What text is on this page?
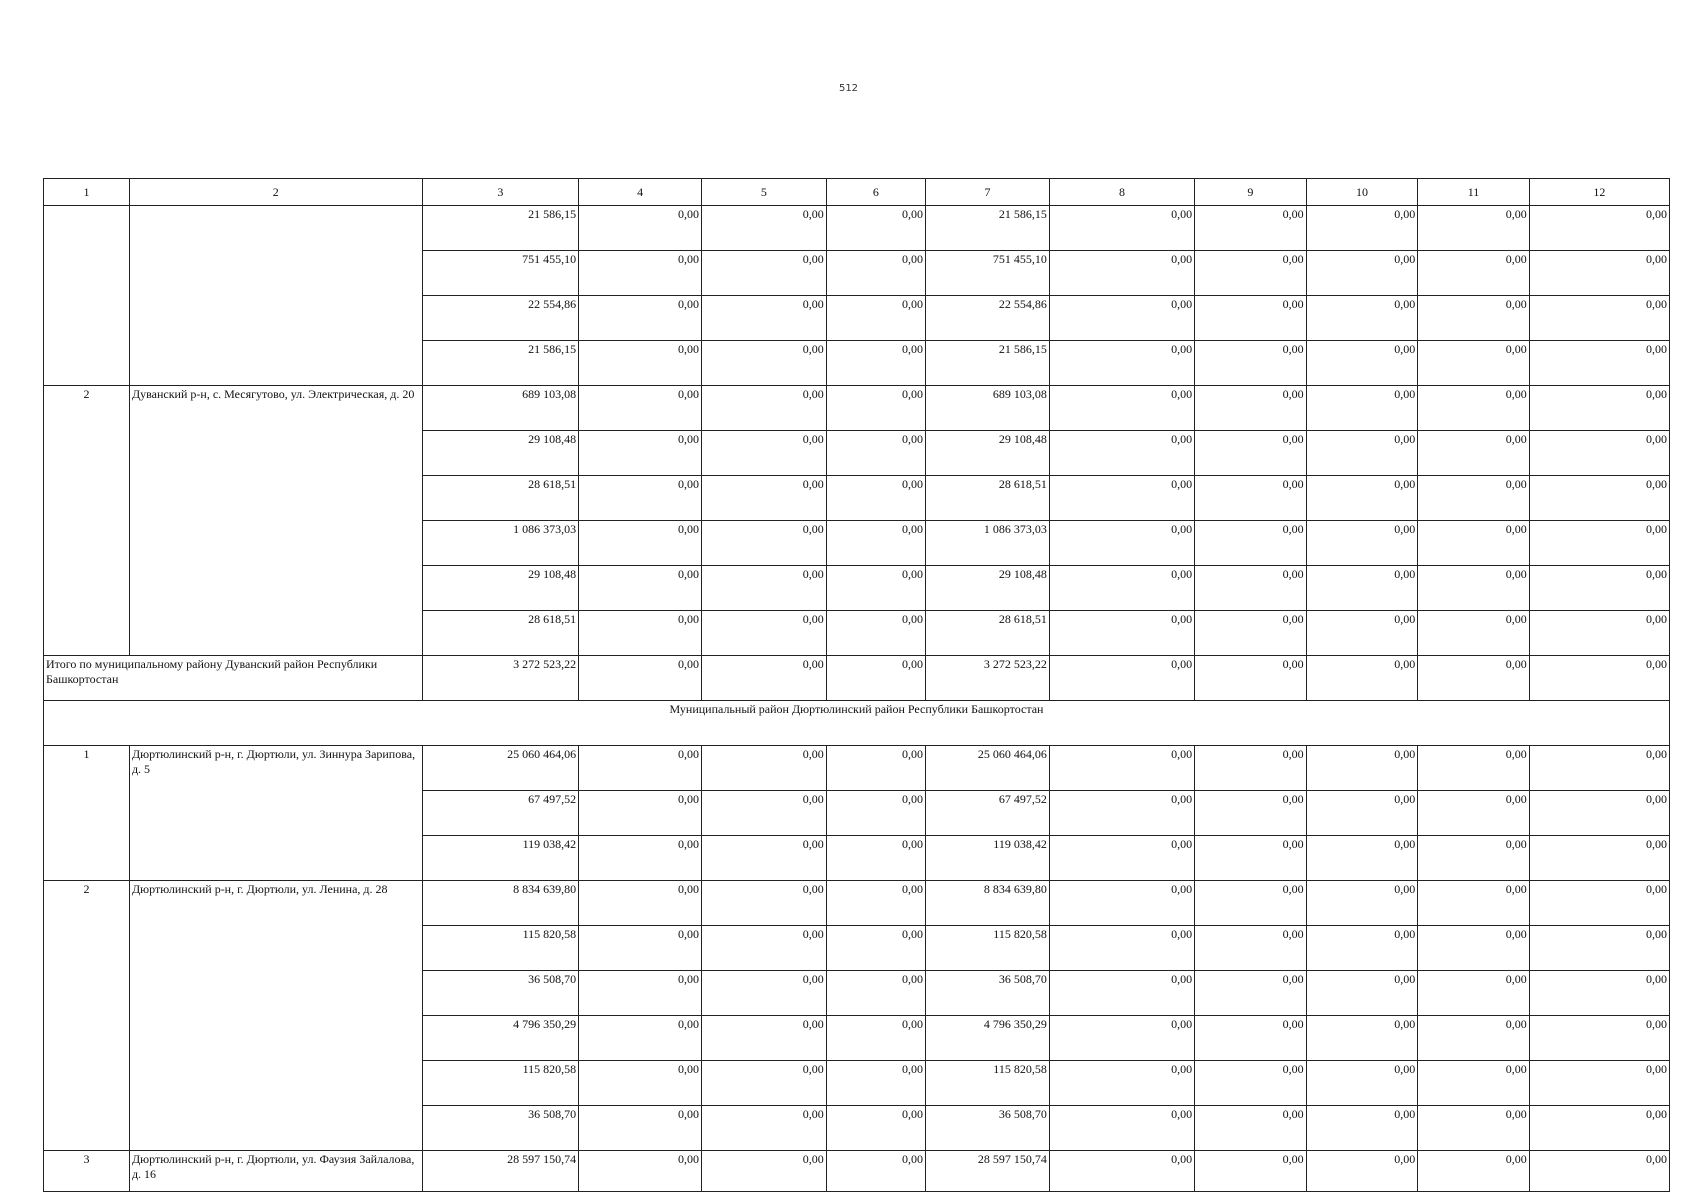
512
1	2	3	4	5	6	7	8	9	10	11	12
		21 586,15	0,00	0,00	0,00	21 586,15	0,00	0,00	0,00	0,00	0,00
		751 455,10	0,00	0,00	0,00	751 455,10	0,00	0,00	0,00	0,00	0,00
		22 554,86	0,00	0,00	0,00	22 554,86	0,00	0,00	0,00	0,00	0,00
		21 586,15	0,00	0,00	0,00	21 586,15	0,00	0,00	0,00	0,00	0,00
2	Дуванский р-н, с. Месягутово, ул. Электрическая, д. 20	689 103,08	0,00	0,00	0,00	689 103,08	0,00	0,00	0,00	0,00	0,00
		29 108,48	0,00	0,00	0,00	29 108,48	0,00	0,00	0,00	0,00	0,00
		28 618,51	0,00	0,00	0,00	28 618,51	0,00	0,00	0,00	0,00	0,00
		1 086 373,03	0,00	0,00	0,00	1 086 373,03	0,00	0,00	0,00	0,00	0,00
		29 108,48	0,00	0,00	0,00	29 108,48	0,00	0,00	0,00	0,00	0,00
		28 618,51	0,00	0,00	0,00	28 618,51	0,00	0,00	0,00	0,00	0,00
Итого по муниципальному району Дуванский район Республики Башкортостан		3 272 523,22	0,00	0,00	0,00	3 272 523,22	0,00	0,00	0,00	0,00	0,00
Муниципальный район Дюртюлинский район Республики Башкортостан											
1	Дюртюлинский р-н, г. Дюртюли, ул. Зиннура Зарипова, д. 5	25 060 464,06	0,00	0,00	0,00	25 060 464,06	0,00	0,00	0,00	0,00	0,00
		67 497,52	0,00	0,00	0,00	67 497,52	0,00	0,00	0,00	0,00	0,00
		119 038,42	0,00	0,00	0,00	119 038,42	0,00	0,00	0,00	0,00	0,00
2	Дюртюлинский р-н, г. Дюртюли, ул. Ленина, д. 28	8 834 639,80	0,00	0,00	0,00	8 834 639,80	0,00	0,00	0,00	0,00	0,00
		115 820,58	0,00	0,00	0,00	115 820,58	0,00	0,00	0,00	0,00	0,00
		36 508,70	0,00	0,00	0,00	36 508,70	0,00	0,00	0,00	0,00	0,00
		4 796 350,29	0,00	0,00	0,00	4 796 350,29	0,00	0,00	0,00	0,00	0,00
		115 820,58	0,00	0,00	0,00	115 820,58	0,00	0,00	0,00	0,00	0,00
		36 508,70	0,00	0,00	0,00	36 508,70	0,00	0,00	0,00	0,00	0,00
3	Дюртюлинский р-н, г. Дюртюли, ул. Фаузия Зайлалова, д. 16	28 597 150,74	0,00	0,00	0,00	28 597 150,74	0,00	0,00	0,00	0,00	0,00
